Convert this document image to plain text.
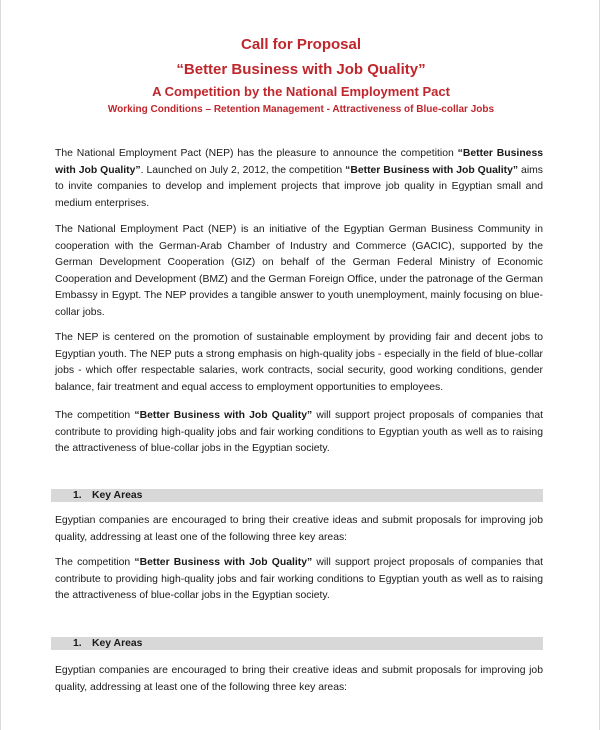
Call for Proposal
“Better Business with Job Quality”
A Competition by the National Employment Pact
Working Conditions – Retention Management - Attractiveness of Blue-collar Jobs

The National Employment Pact (NEP) has the pleasure to announce the competition “Better Business with Job Quality”. Launched on July 2, 2012, the competition “Better Business with Job Quality” aims to invite companies to develop and implement projects that improve job quality in Egyptian small and medium enterprises.

The National Employment Pact (NEP) is an initiative of the Egyptian German Business Community in cooperation with the German-Arab Chamber of Industry and Commerce (GACIC), supported by the German Development Cooperation (GIZ) on behalf of the German Federal Ministry of Economic Cooperation and Development (BMZ) and the German Foreign Office, under the patronage of the German Embassy in Egypt. The NEP provides a tangible answer to youth unemployment, mainly focusing on blue-collar jobs.

The NEP is centered on the promotion of sustainable employment by providing fair and decent jobs to Egyptian youth. The NEP puts a strong emphasis on high-quality jobs - especially in the field of blue-collar jobs - which offer respectable salaries, work contracts, social security, good working conditions, gender balance, fair treatment and equal access to employment opportunities to employees.

The competition “Better Business with Job Quality” will support project proposals of companies that contribute to providing high-quality jobs and fair working conditions to Egyptian youth as well as to raising the attractiveness of blue-collar jobs in the Egyptian society.

1. Key Areas

Egyptian companies are encouraged to bring their creative ideas and submit proposals for improving job quality, addressing at least one of the following three key areas:

The competition “Better Business with Job Quality” will support project proposals of companies that contribute to providing high-quality jobs and fair working conditions to Egyptian youth as well as to raising the attractiveness of blue-collar jobs in the Egyptian society.

1. Key Areas

Egyptian companies are encouraged to bring their creative ideas and submit proposals for improving job quality, addressing at least one of the following three key areas:
